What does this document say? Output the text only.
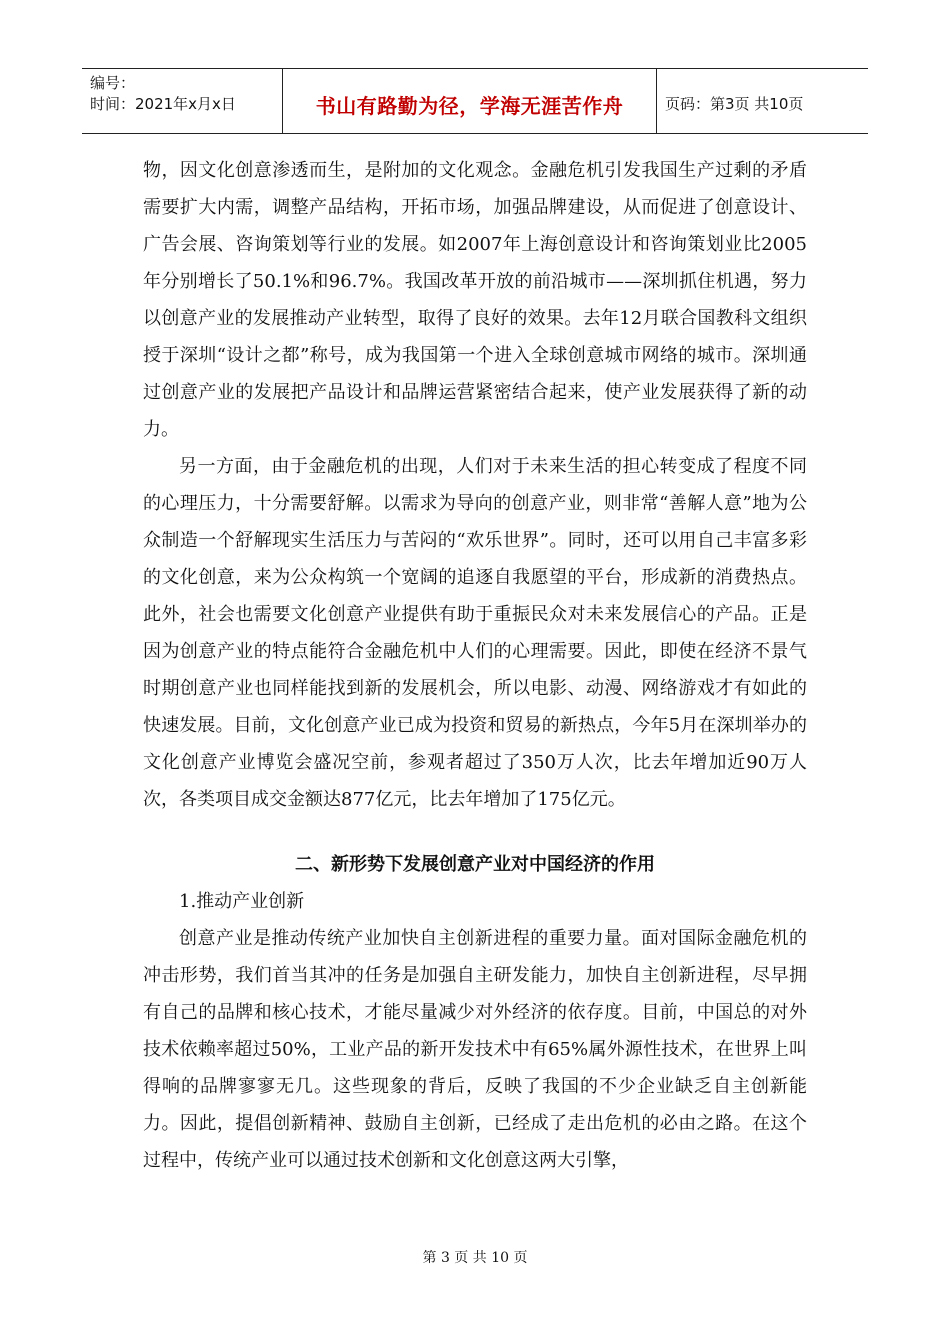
编号：
时间：2021年x月x日	书山有路勤为径，学海无涯苦作舟	页码：第3页 共10页

物，因文化创意渗透而生，是附加的文化观念。金融危机引发我国生产过剩的矛盾需要扩大内需，调整产品结构，开拓市场，加强品牌建设，从而促进了创意设计、广告会展、咨询策划等行业的发展。如2007年上海创意设计和咨询策划业比2005年分别增长了50.1%和96.7%。我国改革开放的前沿城市——深圳抓住机遇，努力以创意产业的发展推动产业转型，取得了良好的效果。去年12月联合国教科文组织授于深圳“设计之都”称号，成为我国第一个进入全球创意城市网络的城市。深圳通过创意产业的发展把产品设计和品牌运营紧密结合起来，使产业发展获得了新的动力。

另一方面，由于金融危机的出现，人们对于未来生活的担心转变成了程度不同的心理压力，十分需要舒解。以需求为导向的创意产业，则非常“善解人意”地为公众制造一个舒解现实生活压力与苦闷的“欢乐世界”。同时，还可以用自己丰富多彩的文化创意，来为公众构筑一个宽阔的追逐自我愿望的平台，形成新的消费热点。此外，社会也需要文化创意产业提供有助于重振民众对未来发展信心的产品。正是因为创意产业的特点能符合金融危机中人们的心理需要。因此，即使在经济不景气时期创意产业也同样能找到新的发展机会，所以电影、动漫、网络游戏才有如此的快速发展。目前，文化创意产业已成为投资和贸易的新热点，今年5月在深圳举办的文化创意产业博览会盛况空前，参观者超过了350万人次，比去年增加近90万人次，各类项目成交金额达877亿元，比去年增加了175亿元。

二、新形势下发展创意产业对中国经济的作用

1.推动产业创新

创意产业是推动传统产业加快自主创新进程的重要力量。面对国际金融危机的冲击形势，我们首当其冲的任务是加强自主研发能力，加快自主创新进程，尽早拥有自己的品牌和核心技术，才能尽量减少对外经济的依存度。目前，中国总的对外技术依赖率超过50%，工业产品的新开发技术中有65%属外源性技术，在世界上叫得响的品牌寥寥无几。这些现象的背后，反映了我国的不少企业缺乏自主创新能力。因此，提倡创新精神、鼓励自主创新，已经成了走出危机的必由之路。在这个过程中，传统产业可以通过技术创新和文化创意这两大引擎，

第 3 页 共 10 页
